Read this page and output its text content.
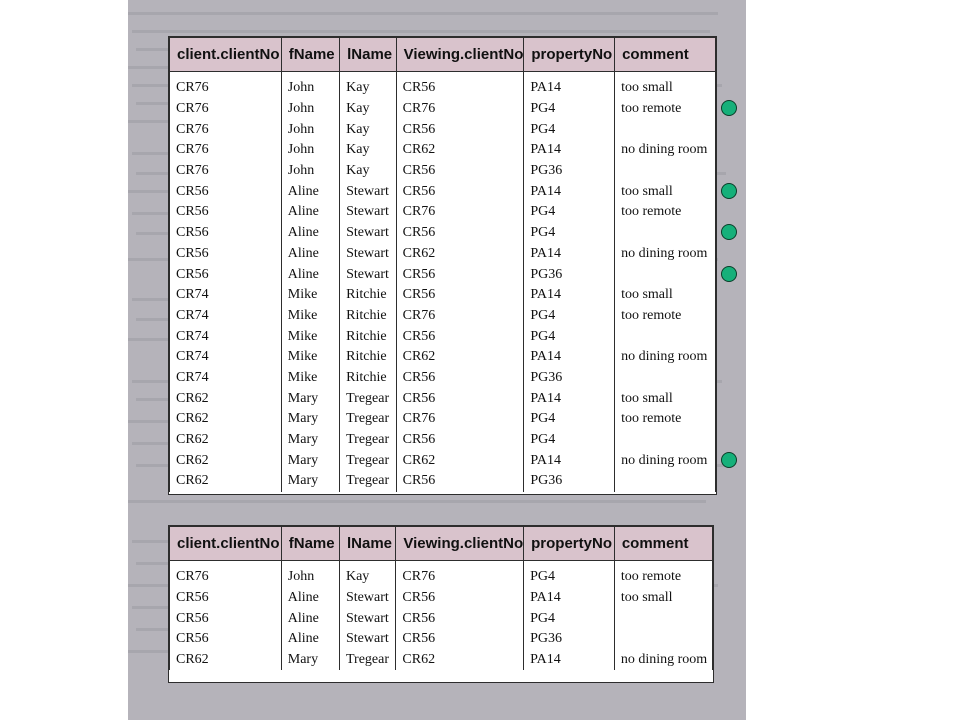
client.clientNo	fName	lName	Viewing.clientNo	propertyNo	comment

CR76	John	Kay	CR56	PA14	too small
CR76	John	Kay	CR76	PG4	too remote
CR76	John	Kay	CR56	PG4	
CR76	John	Kay	CR62	PA14	no dining room
CR76	John	Kay	CR56	PG36	
CR56	Aline	Stewart	CR56	PA14	too small
CR56	Aline	Stewart	CR76	PG4	too remote
CR56	Aline	Stewart	CR56	PG4	
CR56	Aline	Stewart	CR62	PA14	no dining room
CR56	Aline	Stewart	CR56	PG36	
CR74	Mike	Ritchie	CR56	PA14	too small
CR74	Mike	Ritchie	CR76	PG4	too remote
CR74	Mike	Ritchie	CR56	PG4	
CR74	Mike	Ritchie	CR62	PA14	no dining room
CR74	Mike	Ritchie	CR56	PG36	
CR62	Mary	Tregear	CR56	PA14	too small
CR62	Mary	Tregear	CR76	PG4	too remote
CR62	Mary	Tregear	CR56	PG4	
CR62	Mary	Tregear	CR62	PA14	no dining room
CR62	Mary	Tregear	CR56	PG36	
client.clientNo	fName	lName	Viewing.clientNo	propertyNo	comment

CR76	John	Kay	CR76	PG4	too remote
CR56	Aline	Stewart	CR56	PA14	too small
CR56	Aline	Stewart	CR56	PG4	
CR56	Aline	Stewart	CR56	PG36	
CR62	Mary	Tregear	CR62	PA14	no dining room
